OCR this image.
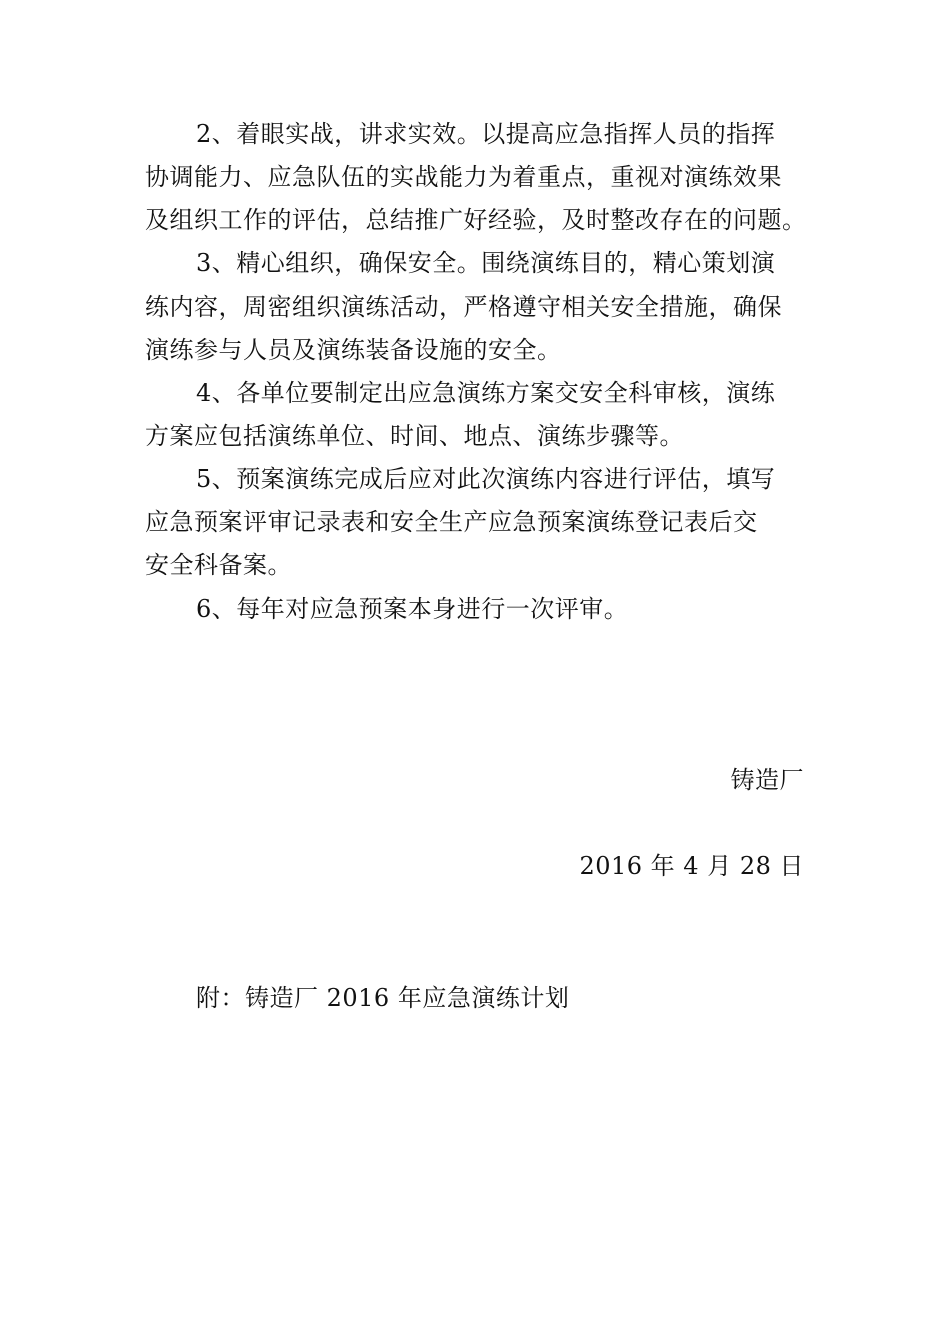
2、着眼实战，讲求实效。以提高应急指挥人员的指挥
协调能力、应急队伍的实战能力为着重点，重视对演练效果
及组织工作的评估，总结推广好经验，及时整改存在的问题。
3、精心组织，确保安全。围绕演练目的，精心策划演
练内容，周密组织演练活动，严格遵守相关安全措施，确保
演练参与人员及演练装备设施的安全。
4、各单位要制定出应急演练方案交安全科审核，演练
方案应包括演练单位、时间、地点、演练步骤等。
5、预案演练完成后应对此次演练内容进行评估，填写
应急预案评审记录表和安全生产应急预案演练登记表后交
安全科备案。
6、每年对应急预案本身进行一次评审。
铸造厂
2016 年 4 月 28 日
附：铸造厂 2016 年应急演练计划
